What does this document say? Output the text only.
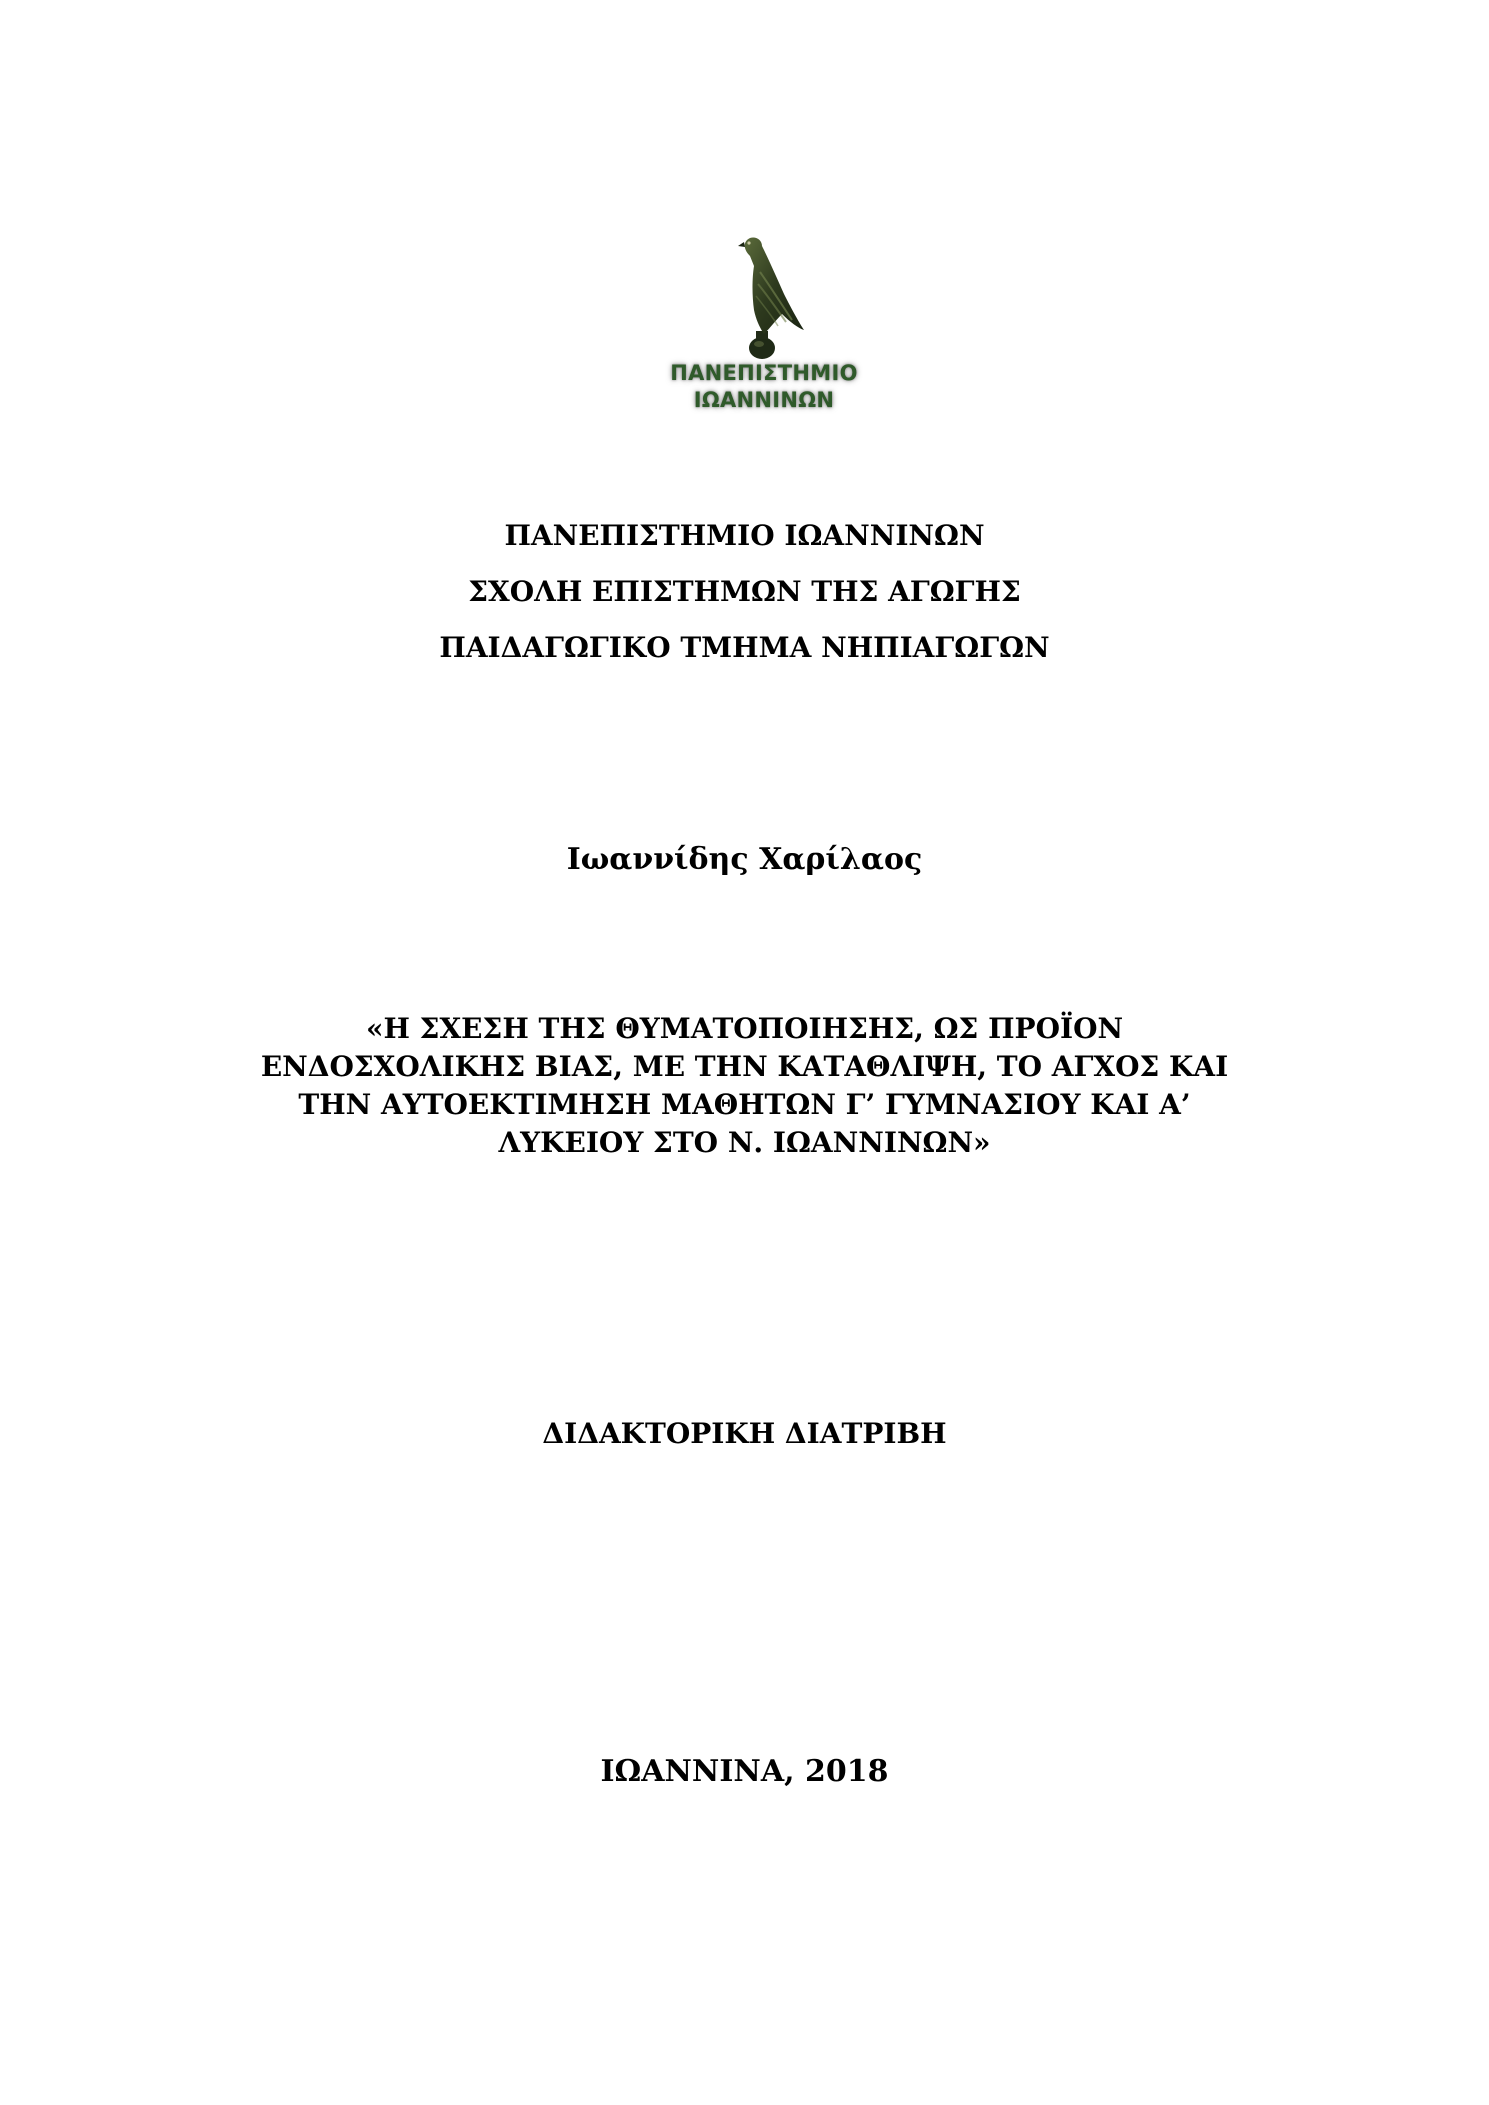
ΠΑΝΕΠΙΣΤΗΜΙΟ
ΙΩΑΝΝΙΝΩΝ
ΠΑΝΕΠΙΣΤΗΜΙΟ ΙΩΑΝΝΙΝΩΝ
ΣΧΟΛΗ ΕΠΙΣΤΗΜΩΝ ΤΗΣ ΑΓΩΓΗΣ
ΠΑΙΔΑΓΩΓΙΚΟ ΤΜΗΜΑ ΝΗΠΙΑΓΩΓΩΝ
Ιωαννίδης Χαρίλαος
«Η ΣΧΕΣΗ ΤΗΣ ΘΥΜΑΤΟΠΟΙΗΣΗΣ, ΩΣ ΠΡΟΪΟΝ
ΕΝΔΟΣΧΟΛΙΚΗΣ ΒΙΑΣ, ΜΕ ΤΗΝ ΚΑΤΑΘΛΙΨΗ, ΤΟ ΑΓΧΟΣ ΚΑΙ
ΤΗΝ ΑΥΤΟΕΚΤΙΜΗΣΗ ΜΑΘΗΤΩΝ Γ’ ΓΥΜΝΑΣΙΟΥ ΚΑΙ Α’
ΛΥΚΕΙΟΥ ΣΤΟ Ν. ΙΩΑΝΝΙΝΩΝ»
ΔΙΔΑΚΤΟΡΙΚΗ ΔΙΑΤΡΙΒΗ
ΙΩΑΝΝΙΝΑ, 2018
